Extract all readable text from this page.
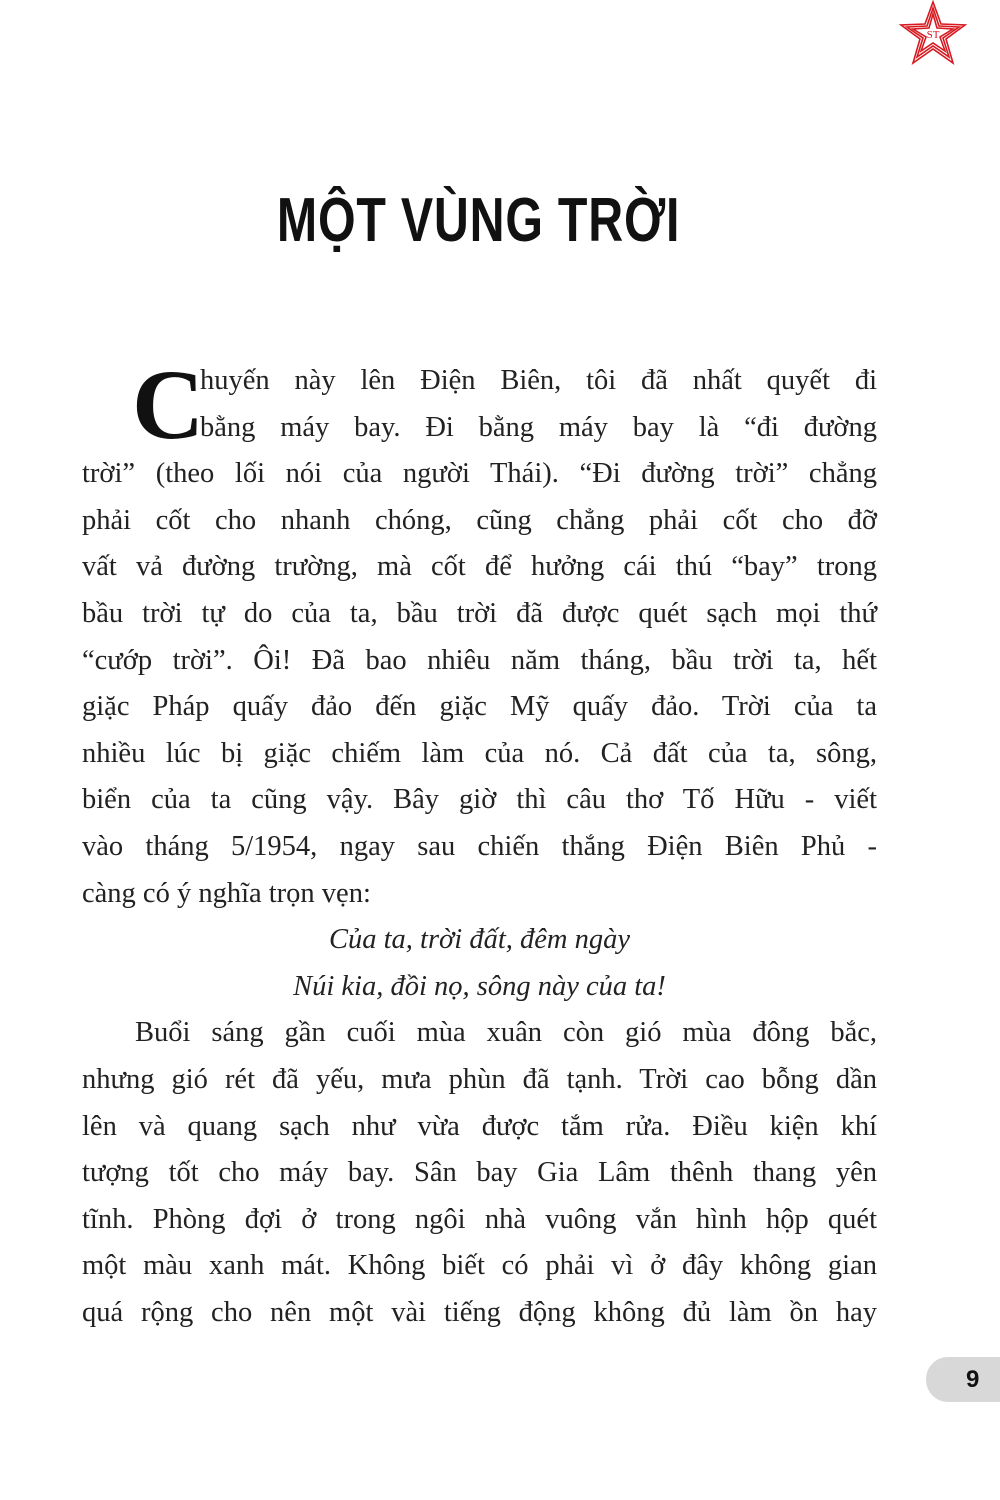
ST
MỘT VÙNG TRỜI
C
huyến này lên Điện Biên, tôi đã nhất quyết đi
bằng máy bay. Đi bằng máy bay là “đi đường
trời” (theo lối nói của người Thái). “Đi đường trời” chẳng
phải cốt cho nhanh chóng, cũng chẳng phải cốt cho đỡ
vất vả đường trường, mà cốt để hưởng cái thú “bay” trong
bầu trời tự do của ta, bầu trời đã được quét sạch mọi thứ
“cướp trời”. Ôi! Đã bao nhiêu năm tháng, bầu trời ta, hết
giặc Pháp quấy đảo đến giặc Mỹ quấy đảo. Trời của ta
nhiều lúc bị giặc chiếm làm của nó. Cả đất của ta, sông,
biển của ta cũng vậy. Bây giờ thì câu thơ Tố Hữu - viết
vào tháng 5/1954, ngay sau chiến thắng Điện Biên Phủ -
càng có ý nghĩa trọn vẹn:
Của ta, trời đất, đêm ngày
Núi kia, đồi nọ, sông này của ta!
Buổi sáng gần cuối mùa xuân còn gió mùa đông bắc,
nhưng gió rét đã yếu, mưa phùn đã tạnh. Trời cao bỗng dần
lên và quang sạch như vừa được tắm rửa. Điều kiện khí
tượng tốt cho máy bay. Sân bay Gia Lâm thênh thang yên
tĩnh. Phòng đợi ở trong ngôi nhà vuông vắn hình hộp quét
một màu xanh mát. Không biết có phải vì ở đây không gian
quá rộng cho nên một vài tiếng động không đủ làm ồn hay
9
